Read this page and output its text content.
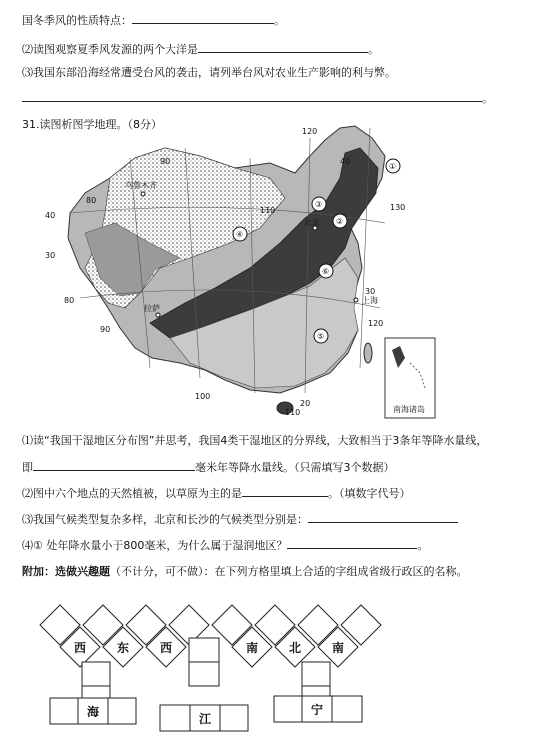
国冬季风的性质特点：	。
⑵读图观察夏季风发源的两个大洋是	。
⑶我国东部沿海经常遭受台风的袭击，请列举台风对农业生产影响的利与弊。
。
31.读图析图学地理。（8分）
南海诸岛
120
90
80
80
90
100
110	130
110
120
40
30
20
30
40
乌鲁木齐
拉萨
北京
上海
①
②
③
④
⑤
⑥
⑴读“我国干湿地区分布图”并思考，我国4类干湿地区的分界线，大致相当于3条年等降水量线，
即	毫米年等降水量线。（只需填写3个数据）
⑵图中六个地点的天然植被，以草原为主的是	。（填数字代号）
⑶我国气候类型复杂多样，北京和长沙的气候类型分别是：
⑷① 处年降水量小于800毫米，为什么属于湿润地区？	。
附加：选做兴趣题（不计分，可不做）：在下列方格里填上合适的字组成省级行政区的名称。
西	东	西	南	北	南
海	江
宁
